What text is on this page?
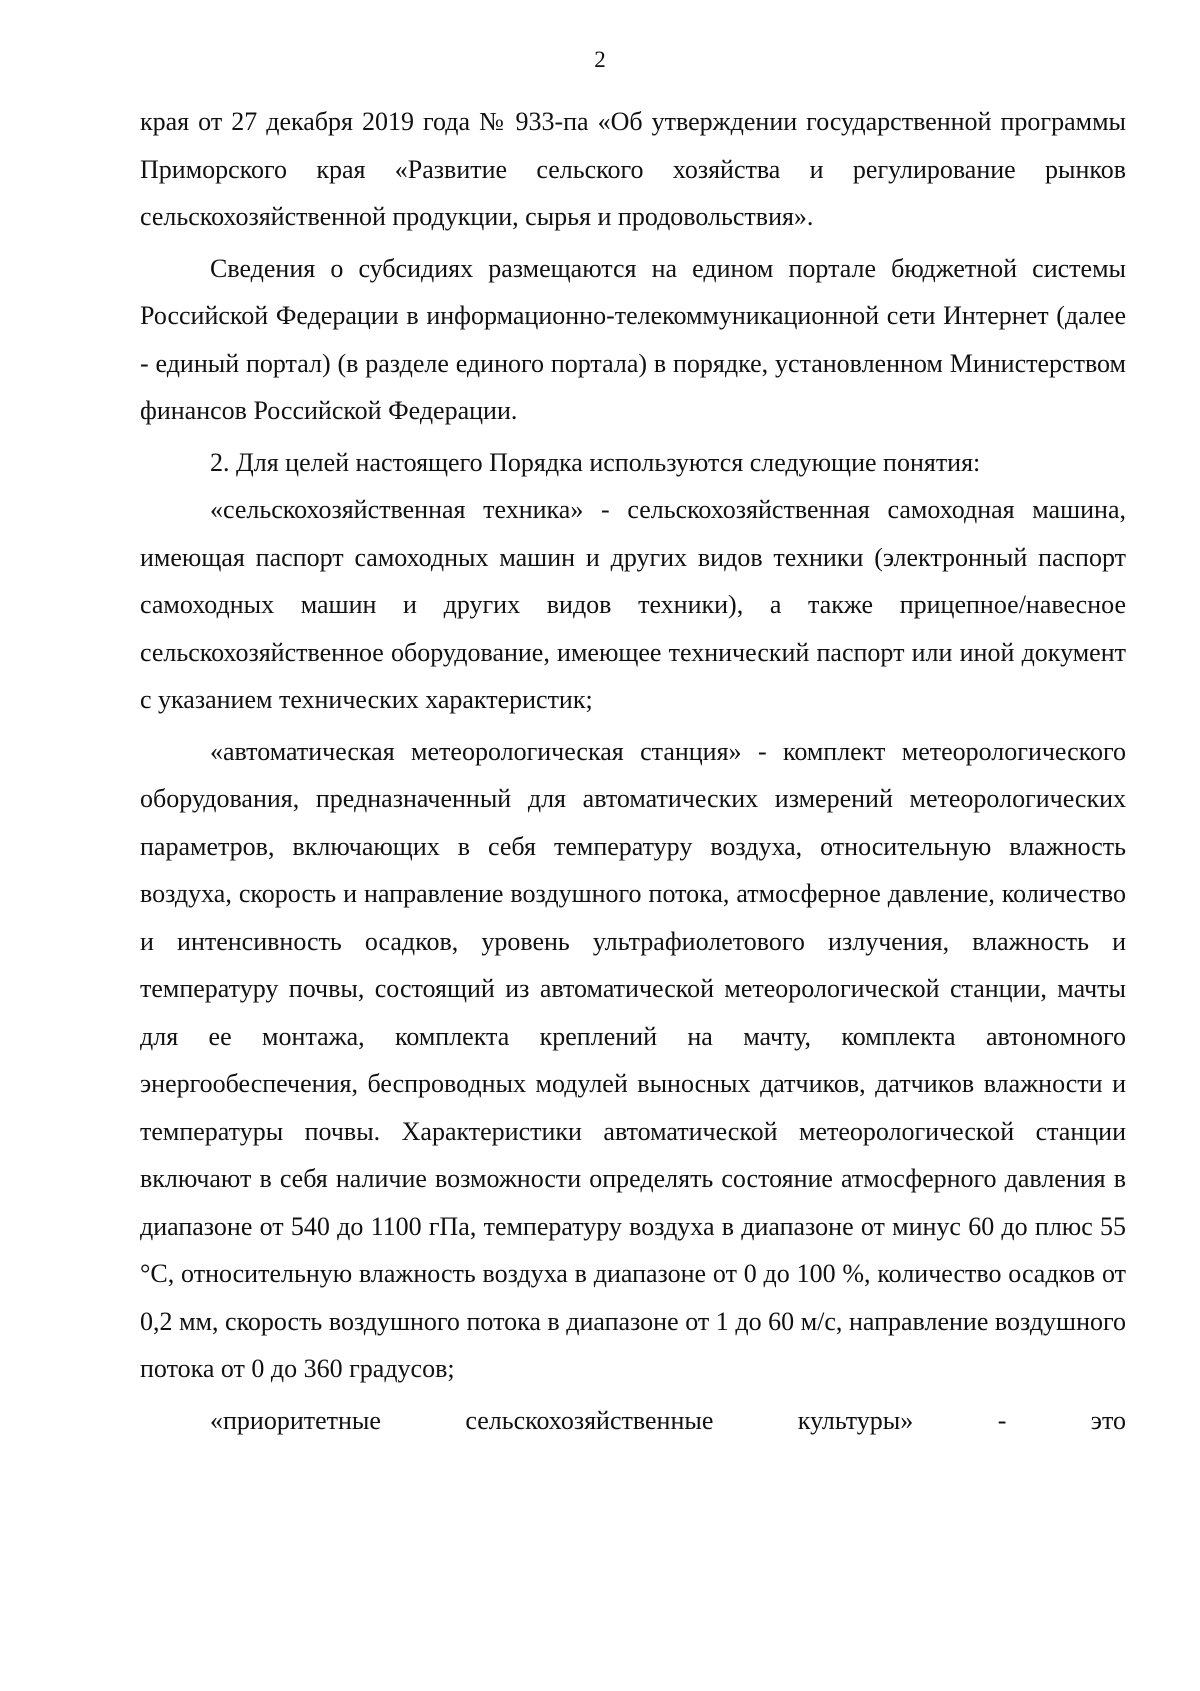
2

края от 27 декабря 2019 года № 933-па «Об утверждении государственной программы Приморского края «Развитие сельского хозяйства и регулирование рынков сельскохозяйственной продукции, сырья и продовольствия».

Сведения о субсидиях размещаются на едином портале бюджетной системы Российской Федерации в информационно-телекоммуникационной сети Интернет (далее - единый портал) (в разделе единого портала) в порядке, установленном Министерством финансов Российской Федерации.

2. Для целей настоящего Порядка используются следующие понятия:

«сельскохозяйственная техника» - сельскохозяйственная самоходная машина, имеющая паспорт самоходных машин и других видов техники (электронный паспорт самоходных машин и других видов техники), а также прицепное/навесное сельскохозяйственное оборудование, имеющее технический паспорт или иной документ с указанием технических характеристик;

«автоматическая метеорологическая станция» - комплект метеорологического оборудования, предназначенный для автоматических измерений метеорологических параметров, включающих в себя температуру воздуха, относительную влажность воздуха, скорость и направление воздушного потока, атмосферное давление, количество и интенсивность осадков, уровень ультрафиолетового излучения, влажность и температуру почвы, состоящий из автоматической метеорологической станции, мачты для ее монтажа, комплекта креплений на мачту, комплекта автономного энергообеспечения, беспроводных модулей выносных датчиков, датчиков влажности и температуры почвы. Характеристики автоматической метеорологической станции включают в себя наличие возможности определять состояние атмосферного давления в диапазоне от 540 до 1100 гПа, температуру воздуха в диапазоне от минус 60 до плюс 55 °C, относительную влажность воздуха в диапазоне от 0 до 100 %, количество осадков от 0,2 мм, скорость воздушного потока в диапазоне от 1 до 60 м/с, направление воздушного потока от 0 до 360 градусов;

«приоритетные сельскохозяйственные культуры» - это
